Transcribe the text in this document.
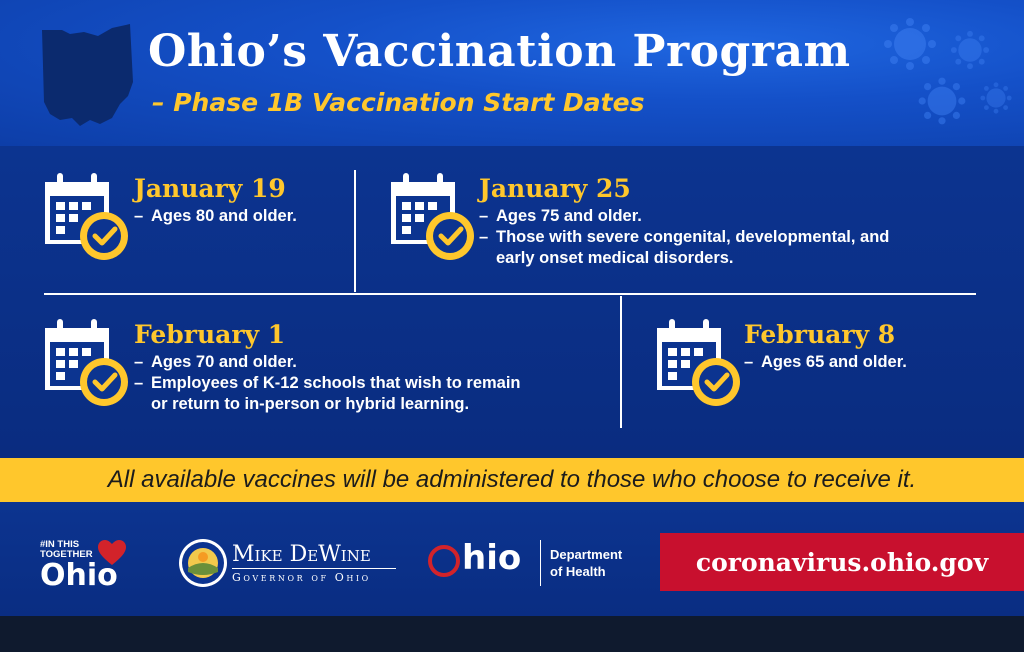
Ohio’s Vaccination Program
– Phase 1B Vaccination Start Dates
January 19
– Ages 80 and older.
January 25
– Ages 75 and older.
– Those with severe congenital, developmental, and
early onset medical disorders.
February 1
– Ages 70 and older.
– Employees of K-12 schools that wish to remain
or return to in-person or hybrid learning.
February 8
– Ages 65 and older.
All available vaccines will be administered to those who choose to receive it.
#IN THIS
TOGETHER
Ohio
Mike DeWine
Governor of Ohio	hio Department
of Health	coronavirus.ohio.gov
